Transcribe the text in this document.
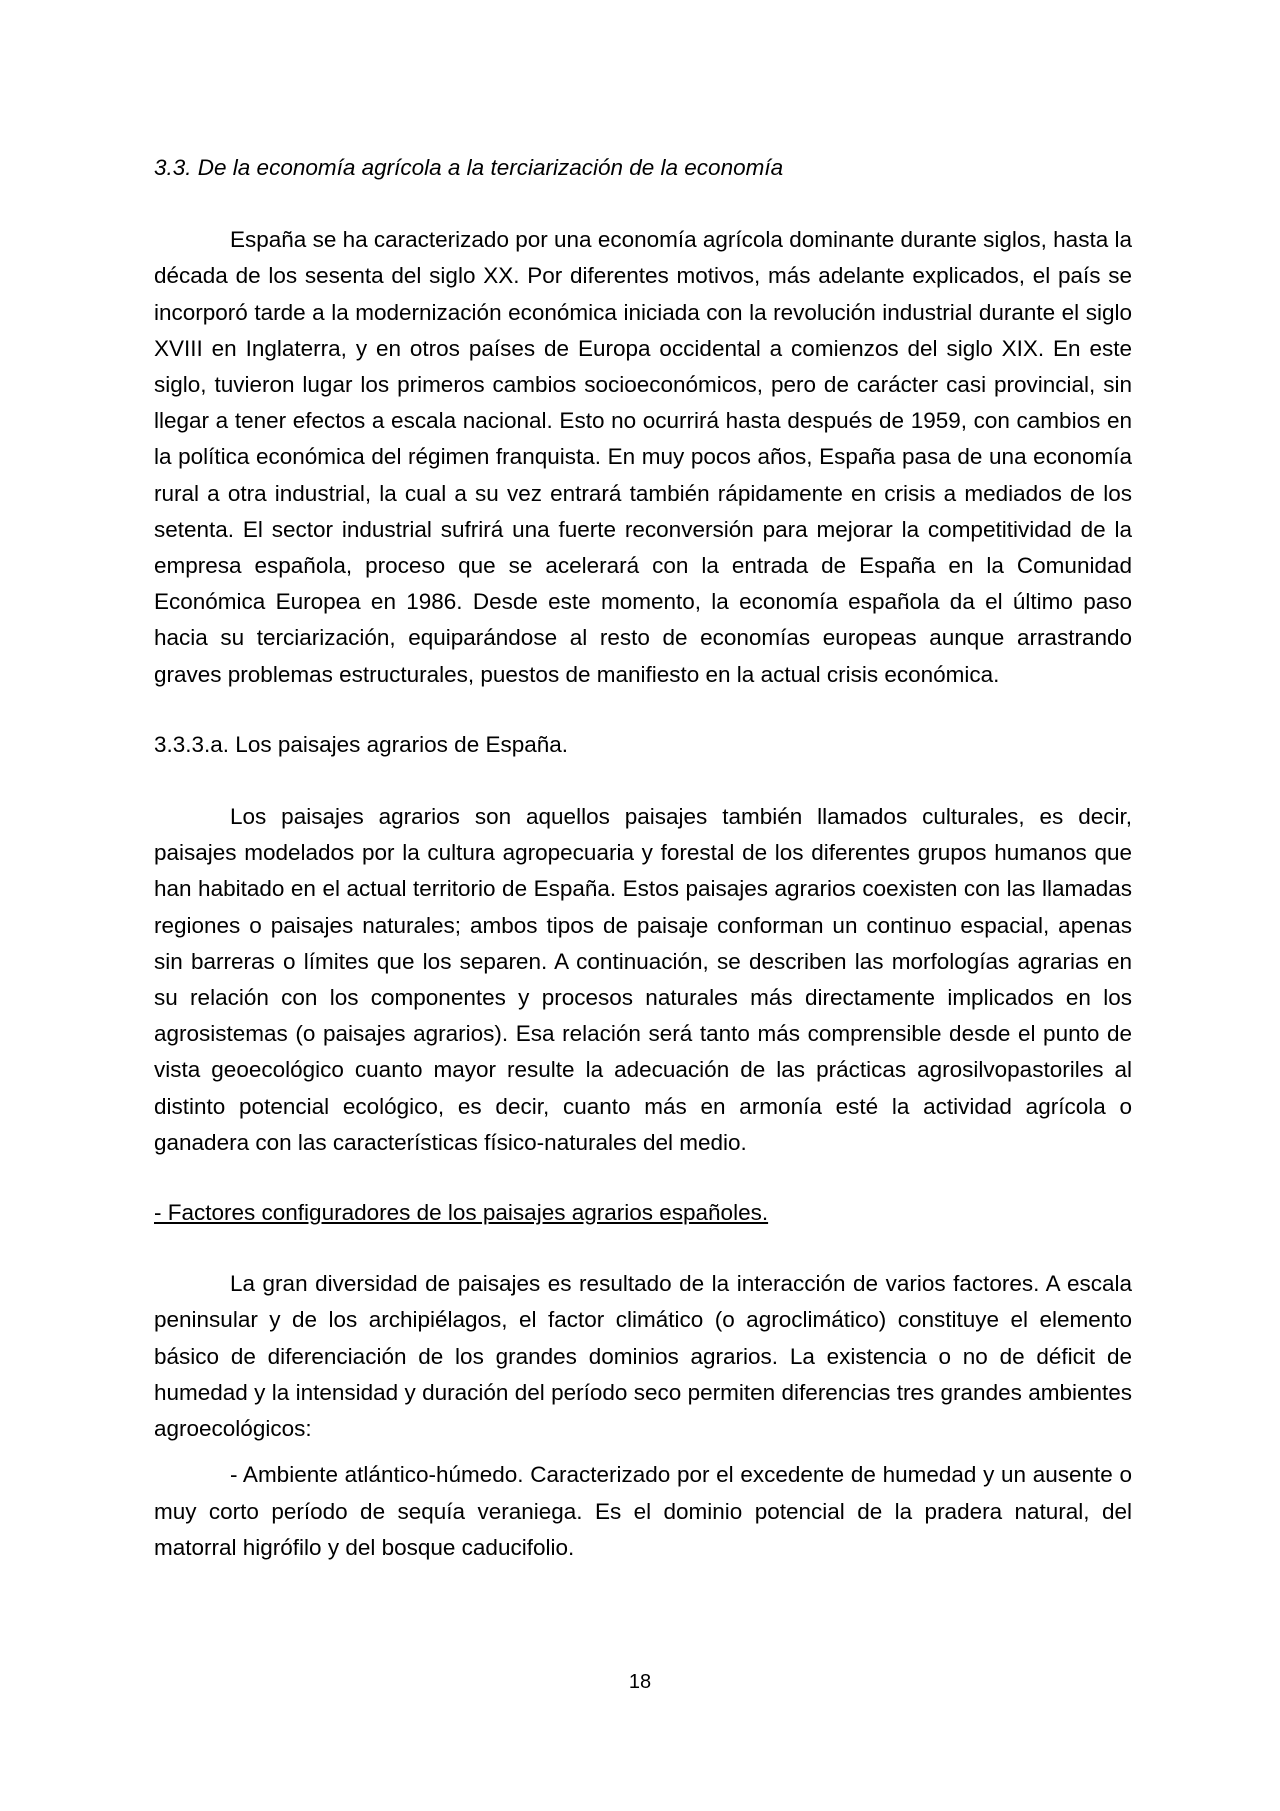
3.3. De la economía agrícola a la terciarización de la economía

España se ha caracterizado por una economía agrícola dominante durante siglos, hasta la década de los sesenta del siglo XX. Por diferentes motivos, más adelante explicados, el país se incorporó tarde a la modernización económica iniciada con la revolución industrial durante el siglo XVIII en Inglaterra, y en otros países de Europa occidental a comienzos del siglo XIX. En este siglo, tuvieron lugar los primeros cambios socioeconómicos, pero de carácter casi provincial, sin llegar a tener efectos a escala nacional. Esto no ocurrirá hasta después de 1959, con cambios en la política económica del régimen franquista. En muy pocos años, España pasa de una economía rural a otra industrial, la cual a su vez entrará también rápidamente en crisis a mediados de los setenta. El sector industrial sufrirá una fuerte reconversión para mejorar la competitividad de la empresa española, proceso que se acelerará con la entrada de España en la Comunidad Económica Europea en 1986. Desde este momento, la economía española da el último paso hacia su terciarización, equiparándose al resto de economías europeas aunque arrastrando graves problemas estructurales, puestos de manifiesto en la actual crisis económica.

3.3.3.a. Los paisajes agrarios de España.

Los paisajes agrarios son aquellos paisajes también llamados culturales, es decir, paisajes modelados por la cultura agropecuaria y forestal de los diferentes grupos humanos que han habitado en el actual territorio de España. Estos paisajes agrarios coexisten con las llamadas regiones o paisajes naturales; ambos tipos de paisaje conforman un continuo espacial, apenas sin barreras o límites que los separen. A continuación, se describen las morfologías agrarias en su relación con los componentes y procesos naturales más directamente implicados en los agrosistemas (o paisajes agrarios). Esa relación será tanto más comprensible desde el punto de vista geoecológico cuanto mayor resulte la adecuación de las prácticas agrosilvopastoriles al distinto potencial ecológico, es decir, cuanto más en armonía esté la actividad agrícola o ganadera con las características físico-naturales del medio.

- Factores configuradores de los paisajes agrarios españoles.

La gran diversidad de paisajes es resultado de la interacción de varios factores. A escala peninsular y de los archipiélagos, el factor climático (o agroclimático) constituye el elemento básico de diferenciación de los grandes dominios agrarios. La existencia o no de déficit de humedad y la intensidad y duración del período seco permiten diferencias tres grandes ambientes agroecológicos:

- Ambiente atlántico-húmedo. Caracterizado por el excedente de humedad y un ausente o muy corto período de sequía veraniega. Es el dominio potencial de la pradera natural, del matorral higrófilo y del bosque caducifolio.

18
